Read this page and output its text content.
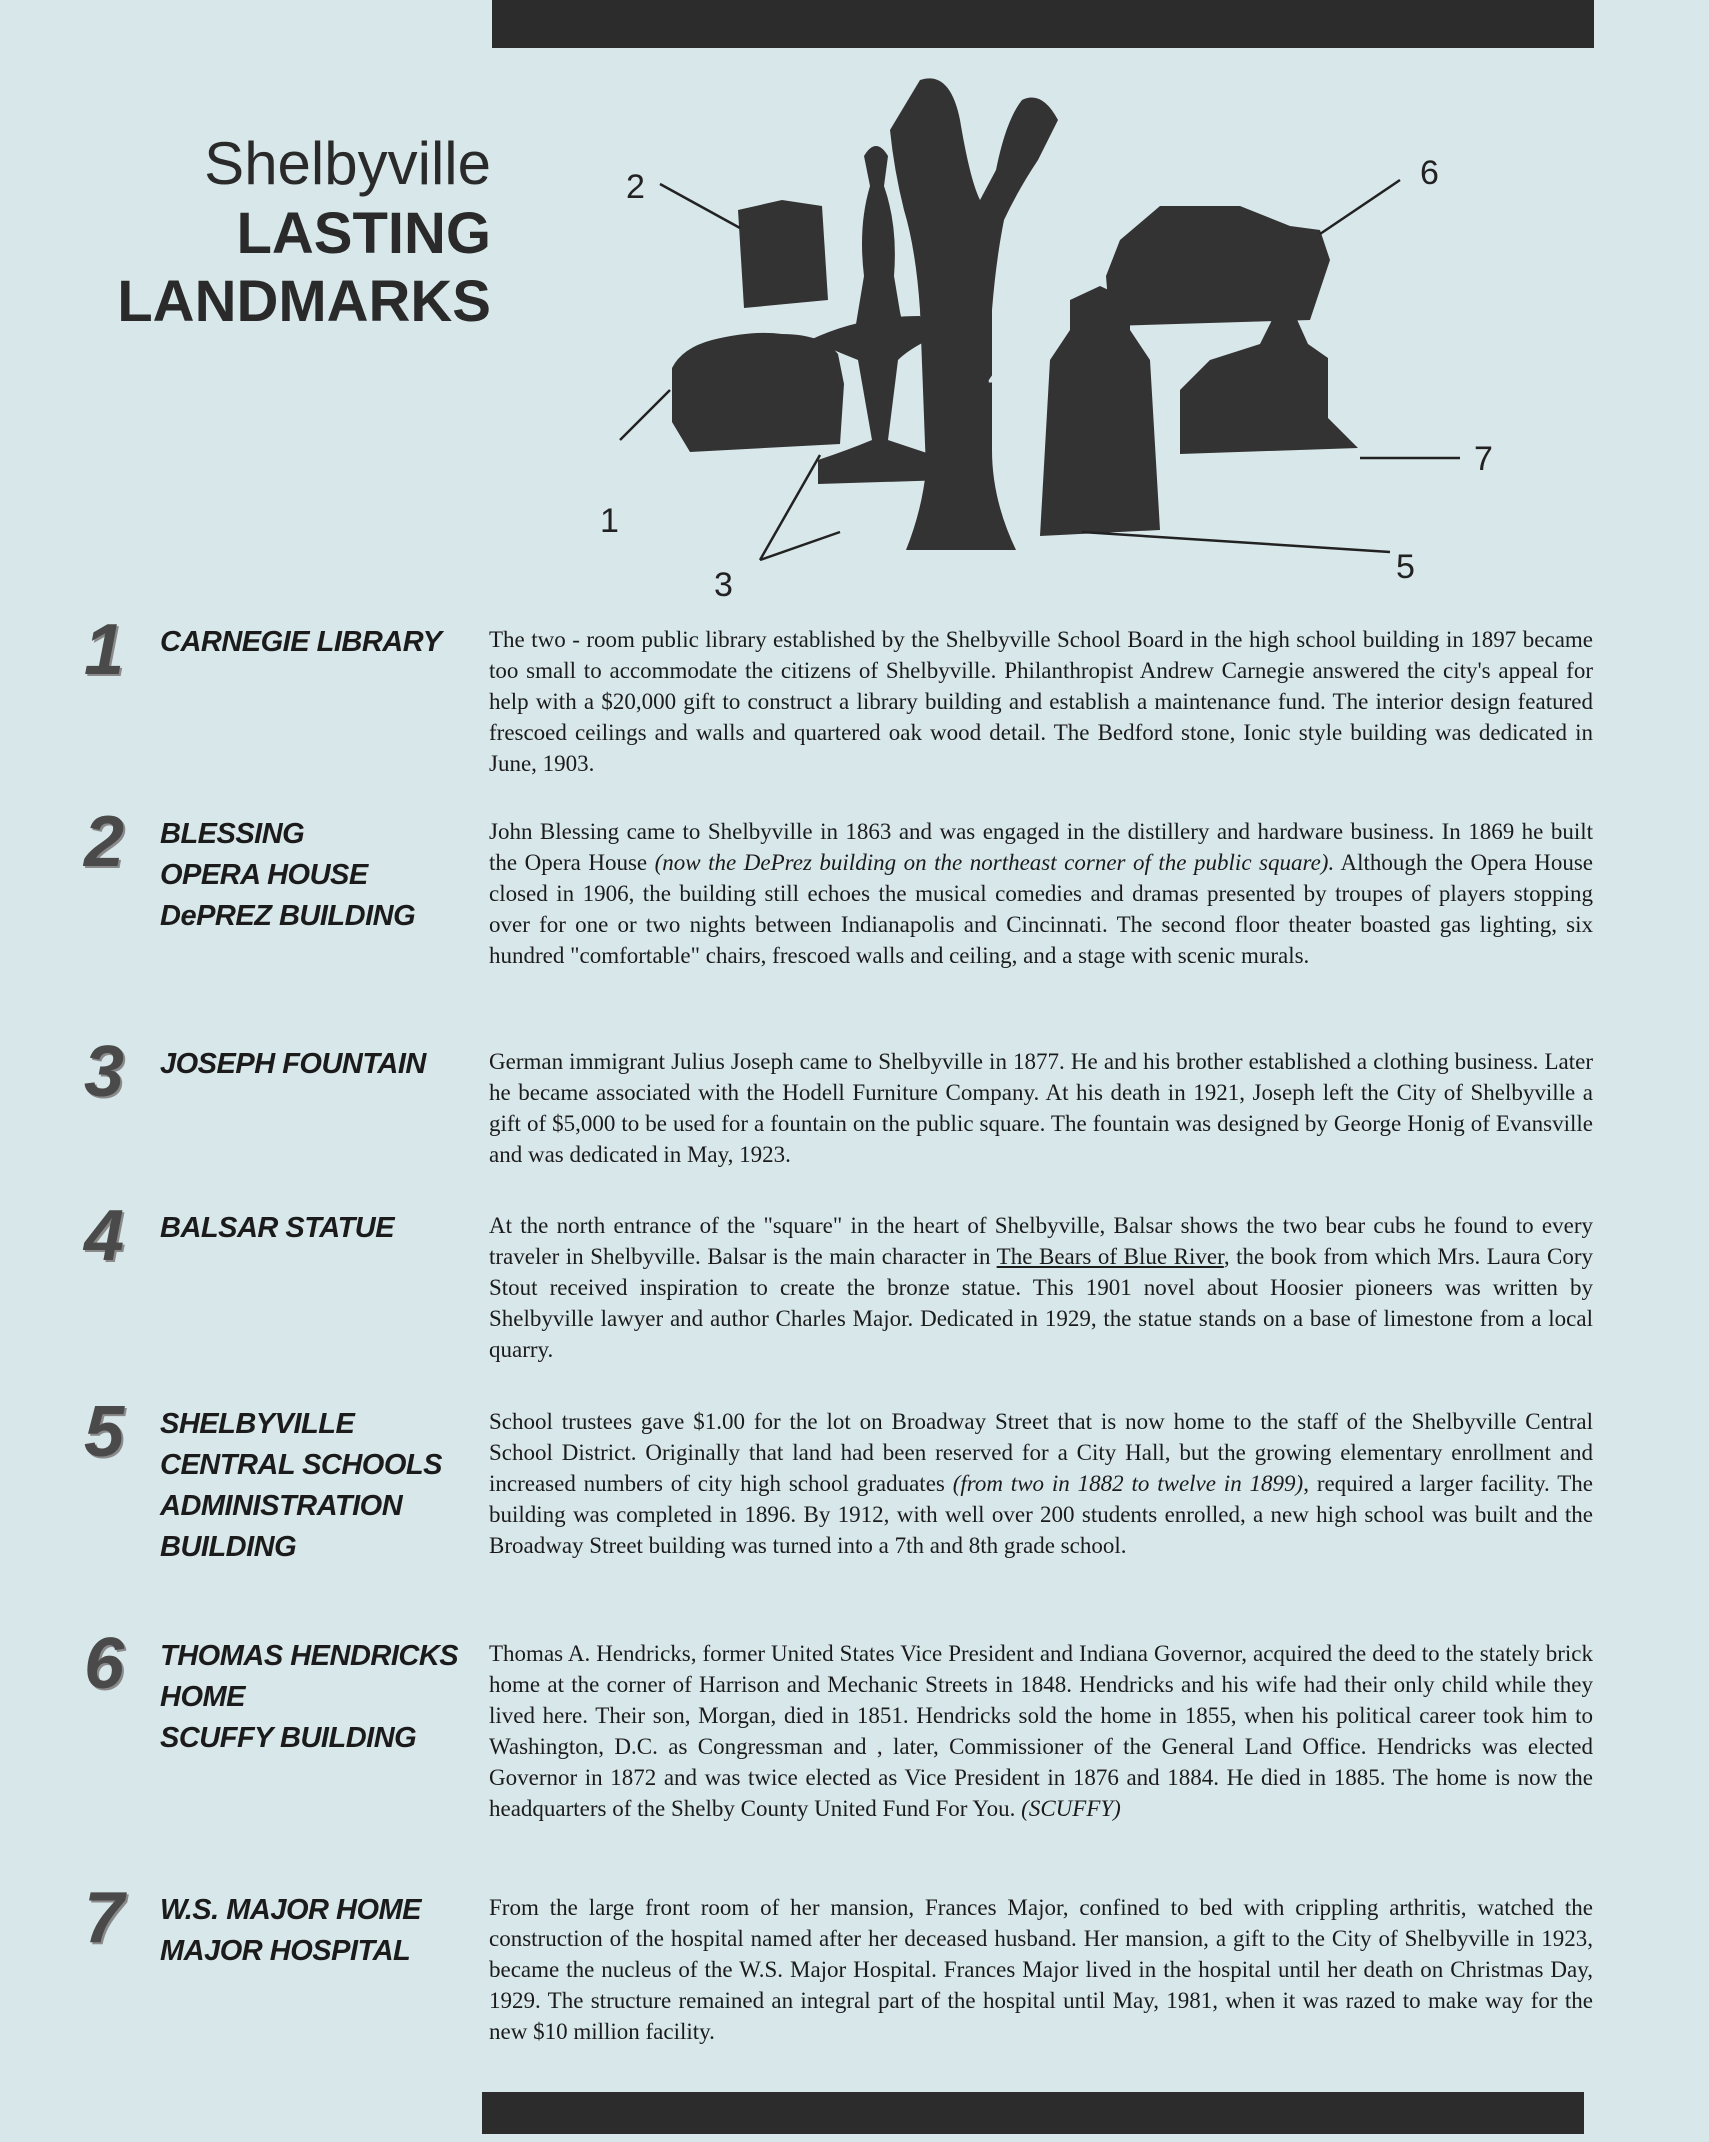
Shelbyville
LASTING
LANDMARKS
1
2
3
4
5
6
7
1 CARNEGIE LIBRARY The two - room public library established by the Shelbyville School Board in the high school building in 1897 became too small to accommodate the citizens of Shelbyville. Philanthropist Andrew Carnegie answered the city's appeal for help with a $20,000 gift to construct a library building and establish a maintenance fund. The interior design featured frescoed ceilings and walls and quartered oak wood detail. The Bedford stone, Ionic style building was dedicated in June, 1903.
2 BLESSING
OPERA HOUSE
DePREZ BUILDING
John Blessing came to Shelbyville in 1863 and was engaged in the distillery and hardware business. In 1869 he built the Opera House (now the DePrez building on the northeast corner of the public square). Although the Opera House closed in 1906, the building still echoes the musical comedies and dramas presented by troupes of players stopping over for one or two nights between Indianapolis and Cincinnati. The second floor theater boasted gas lighting, six hundred "comfortable" chairs, frescoed walls and ceiling, and a stage with scenic murals.
3 JOSEPH FOUNTAIN	German immigrant Julius Joseph came to Shelbyville in 1877. He and his brother established a clothing business. Later he became associated with the Hodell Furniture Company. At his death in 1921, Joseph left the City of Shelbyville a gift of $5,000 to be used for a fountain on the public square. The fountain was designed by George Honig of Evansville and was dedicated in May, 1923.
4 BALSAR STATUE	At the north entrance of the "square" in the heart of Shelbyville, Balsar shows the two bear cubs he found to every traveler in Shelbyville. Balsar is the main character in The Bears of Blue River, the book from which Mrs. Laura Cory Stout received inspiration to create the bronze statue. This 1901 novel about Hoosier pioneers was written by Shelbyville lawyer and author Charles Major. Dedicated in 1929, the statue stands on a base of limestone from a local quarry.
5 SHELBYVILLE
CENTRAL SCHOOLS
ADMINISTRATION
BUILDING
School trustees gave $1.00 for the lot on Broadway Street that is now home to the staff of the Shelbyville Central School District. Originally that land had been reserved for a City Hall, but the growing elementary enrollment and increased numbers of city high school graduates (from two in 1882 to twelve in 1899), required a larger facility. The building was completed in 1896. By 1912, with well over 200 students enrolled, a new high school was built and the Broadway Street building was turned into a 7th and 8th grade school.
6 THOMAS HENDRICKS
HOME
SCUFFY BUILDING
Thomas A. Hendricks, former United States Vice President and Indiana Governor, acquired the deed to the stately brick home at the corner of Harrison and Mechanic Streets in 1848. Hendricks and his wife had their only child while they lived here. Their son, Morgan, died in 1851. Hendricks sold the home in 1855, when his political career took him to Washington, D.C. as Congressman and , later, Commissioner of the General Land Office. Hendricks was elected Governor in 1872 and was twice elected as Vice President in 1876 and 1884. He died in 1885. The home is now the headquarters of the Shelby County United Fund For You. (SCUFFY)
7 W.S. MAJOR HOME
MAJOR HOSPITAL
From the large front room of her mansion, Frances Major, confined to bed with crippling arthritis, watched the construction of the hospital named after her deceased husband. Her mansion, a gift to the City of Shelbyville in 1923, became the nucleus of the W.S. Major Hospital. Frances Major lived in the hospital until her death on Christmas Day, 1929. The structure remained an integral part of the hospital until May, 1981, when it was razed to make way for the new $10 million facility.
